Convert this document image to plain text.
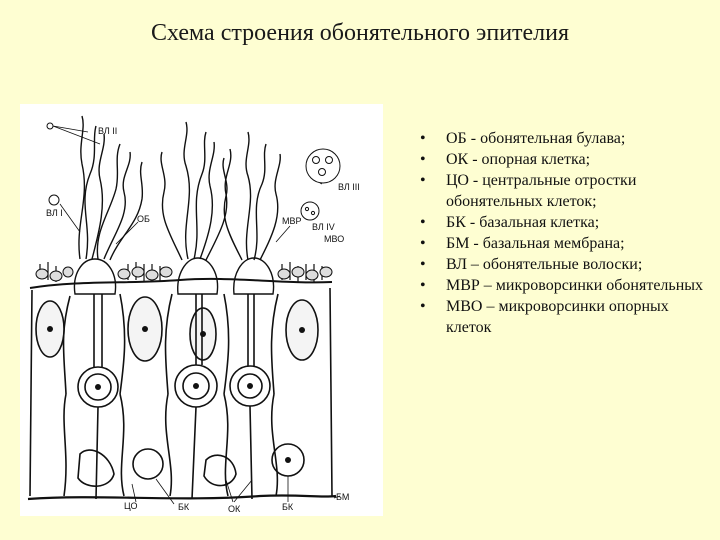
Схема строения обонятельного эпителия
ВЛ II
ВЛ III
ВЛ I
ОБ	МВР
ВЛ IV
МВО
ЦО	БК	ОК	БК
БМ
• ОБ - обонятельная булава;
• ОК - опорная клетка;
• ЦО - центральные отростки обонятельных клеток;
• БК - базальная клетка;
• БМ - базальная мембрана;
• ВЛ – обонятельные волоски;
• МВР – микроворсинки обонятельных
• МВО – микроворсинки опорных клеток
